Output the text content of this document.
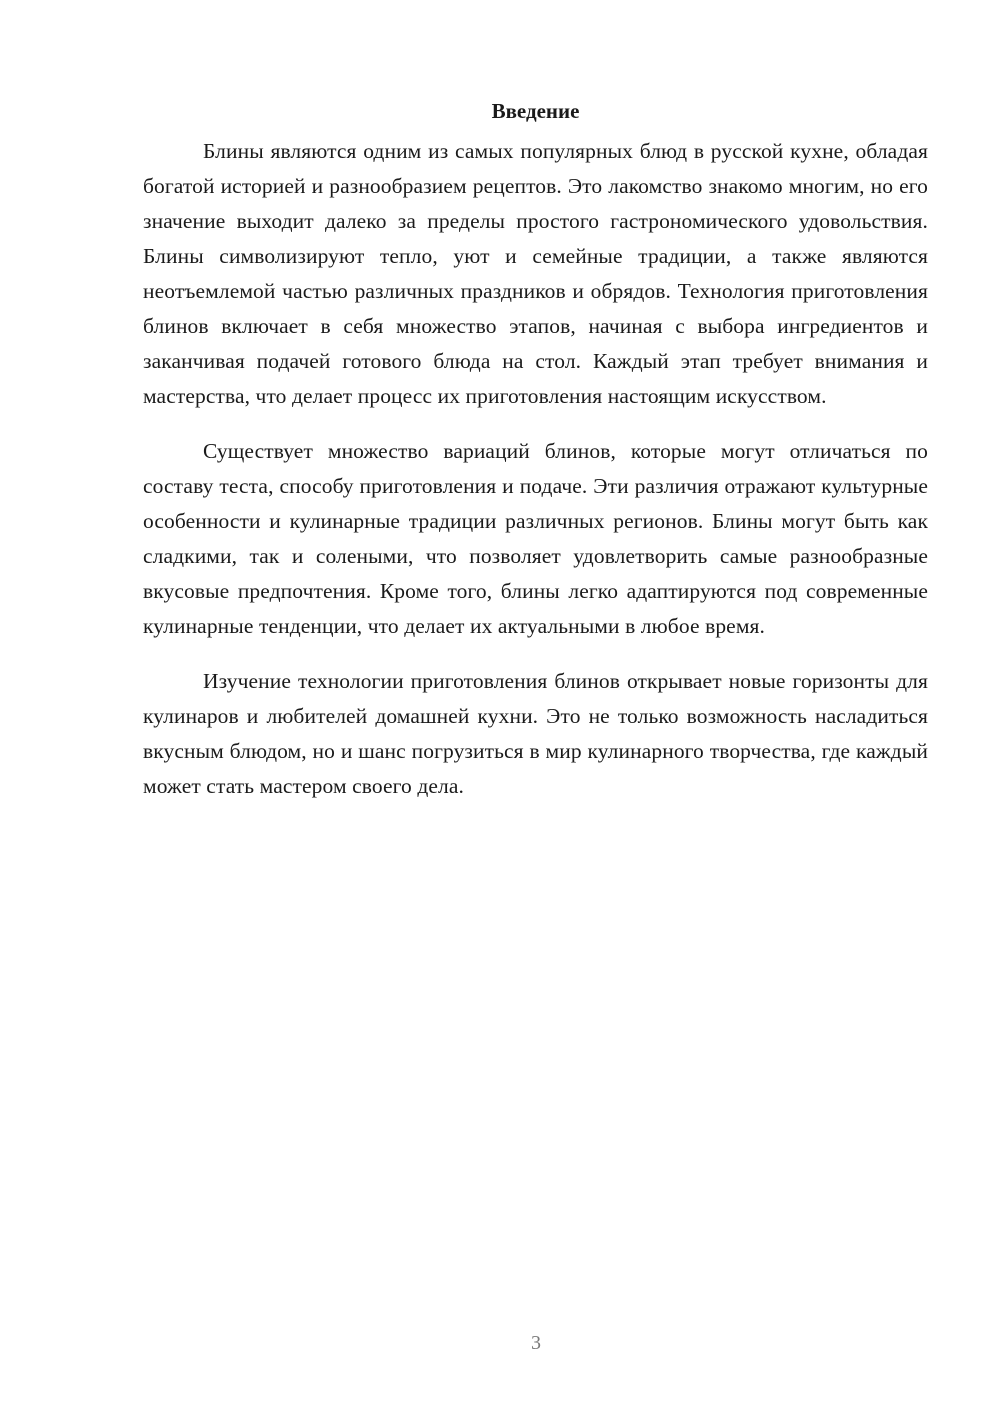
Введение

Блины являются одним из самых популярных блюд в русской кухне, обладая богатой историей и разнообразием рецептов. Это лакомство знакомо многим, но его значение выходит далеко за пределы простого гастрономического удовольствия. Блины символизируют тепло, уют и семейные традиции, а также являются неотъемлемой частью различных праздников и обрядов. Технология приготовления блинов включает в себя множество этапов, начиная с выбора ингредиентов и заканчивая подачей готового блюда на стол. Каждый этап требует внимания и мастерства, что делает процесс их приготовления настоящим искусством.

Существует множество вариаций блинов, которые могут отличаться по составу теста, способу приготовления и подаче. Эти различия отражают культурные особенности и кулинарные традиции различных регионов. Блины могут быть как сладкими, так и солеными, что позволяет удовлетворить самые разнообразные вкусовые предпочтения. Кроме того, блины легко адаптируются под современные кулинарные тенденции, что делает их актуальными в любое время.

Изучение технологии приготовления блинов открывает новые горизонты для кулинаров и любителей домашней кухни. Это не только возможность насладиться вкусным блюдом, но и шанс погрузиться в мир кулинарного творчества, где каждый может стать мастером своего дела.

3
